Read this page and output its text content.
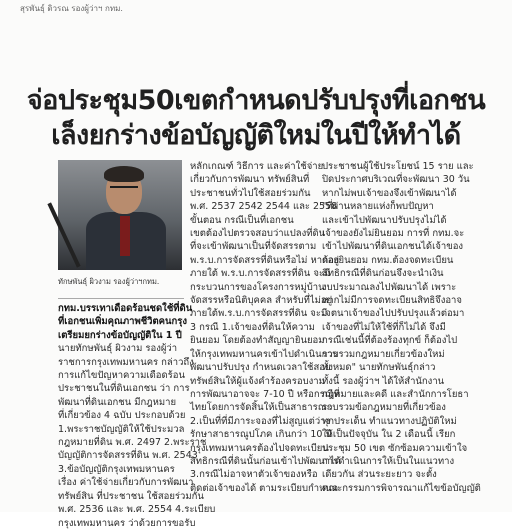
สุรพันธุ์ ดิวรณ รองผู้ว่าฯ กทม.
จ่อประชุม50เขตกำหนดปรับปรุงที่เอกชน
เล็งยกร่างข้อบัญญัติใหม่ในปีให้ทำได้
ทักษพันธุ์ ผิวงาม รองผู้ว่าฯกทม.
กทม.บรรเทาเดือดร้อนชดใช้ที่ดิน
ที่เอกชนเพิ่มคุณภาพชีวิตคนกรุง
เตรียมยกร่างข้อบัญญัติใน 1 ปี
นายทักษพันธุ์ ผิวงาม รองผู้ว่า
ราชการกรุงเทพมหานคร กล่าวถึง
การแก้ไขปัญหาความเดือดร้อน
ประชาชนในที่ดินเอกชน ว่า การ
พัฒนาที่ดินเอกชน มีกฎหมาย
ที่เกี่ยวข้อง 4 ฉบับ ประกอบด้วย
1.พระราชบัญญัติให้ใช้ประมวล
กฎหมายที่ดิน พ.ศ. 2497 2.พระราช
บัญญัติการจัดสรรที่ดิน พ.ศ. 2543
3.ข้อบัญญัติกรุงเทพมหานคร
เรื่อง ค่าใช้จ่ายเกี่ยวกับการพัฒนา
ทรัพย์สิน ที่ประชาชน ใช้สอยร่วมกัน
พ.ศ. 2536 และ พ.ศ. 2554 4.ระเบียบ
กรุงเทพมหานคร ว่าด้วยการขอรับ
หลักเกณฑ์ วิธีการ และค่าใช้จ่าย
เกี่ยวกับการพัฒนา ทรัพย์สินที่
ประชาชนทั่วไปใช้สอยร่วมกัน
พ.ศ. 2537 2542 2544 และ 2558
ขั้นตอน กรณีเป็นที่เอกชน
เขตต้องไปตรวจสอบว่าแปลงที่ดิน
ที่จะเข้าพัฒนาเป็นที่จัดสรรตาม
พ.ร.บ.การจัดสรรที่ดินหรือไม่ หากอยู่
ภายใต้ พ.ร.บ.การจัดสรรที่ดิน จะมี
กระบวนการของโครงการหมู่บ้าน
จัดสรรหรือนิติบุคคล สำหรับที่ไม่อยู่
ภายใต้พ.ร.บ.การจัดสรรที่ดิน จะมี
3 กรณี 1.เจ้าของที่ดินให้ความ
ยินยอม โดยต้องทำสัญญายินยอม
ให้กรุงเทพมหานครเข้าไปดำเนินการ
พัฒนาปรับปรุง กำหนดเวลาใช้สอย
ทรัพย์สินให้ผู้แจ้งคำร้องครอบงาม
การพัฒนาอาจจะ 7-10 ปี หรือกรณีที่
ไทยโดยการจัดสิ้นให้เป็นสาธารณะ
2.เป็นที่ที่มีภาระจองที่ไม่สูญแต่ว่าง
รักษาสาธารณูปโภค เกินกว่า 10 ปี
กรุงเทพมหานครต้องไปจดทะเบียน
สิทธิกรณีที่ดินนั้นก่อนเข้าไปพัฒนาได้
3.กรณีไม่อาจหาตัวเจ้าของหรือ
ติดต่อเจ้าของได้ ตามระเบียบกำหนด
ประชาชนผู้ใช้ประโยชน์ 15 ราย และ
ปิดประกาศบริเวณที่จะพัฒนา 30 วัน
หากไม่พบเจ้าของจึงเข้าพัฒนาได้
"ที่ผ่านหลายแห่งก็พบปัญหา
และเข้าไปพัฒนาปรับปรุงไม่ได้
เจ้าของยังไม่ยินยอม การที่ กทม.จะ
เข้าไปพัฒนาที่ดินเอกชนได้เจ้าของ
ต้องยินยอม กทม.ต้องจดทะเบียน
สิทธิกรณีที่ดินก่อนจึงจะนำเงิน
งบประมาณลงไปพัฒนาได้ เพราะ
หากไม่มีการจดทะเบียนสิทธิจึงอาจ
เจตนาเจ้าของไปปรับปรุงแล้วต่อมา
เจ้าของที่ไม่ให้ใช้ที่ก็ไม่ได้ จึงมี
กรณีเช่นนี้ที่ต้องร้องทุกข์ ก็ต้องไป
รวบรวมกฎหมายเกี่ยวข้องใหม่
ทั้งหมด" นายทักษพันธุ์กล่าว
ทั้งนี้ รองผู้ว่าฯ ได้ให้สำนักงาน
กฎหมายและคดี และสำนักการโยธา
รวบรวมข้อกฎหมายที่เกี่ยวข้อง
ทุกประเด็น ทำแนวทางปฏิบัติใหม่
ให้เป็นปัจจุบัน ใน 2 เดือนนี้ เรียก
ประชุม 50 เขต ซักซ้อมความเข้าใจ
การดำเนินการให้เป็นในแนวทาง
เดียวกัน ส่วนระยะยาว จะตั้ง
คณะกรรมการพิจารณาแก้ไขข้อบัญญัติ
